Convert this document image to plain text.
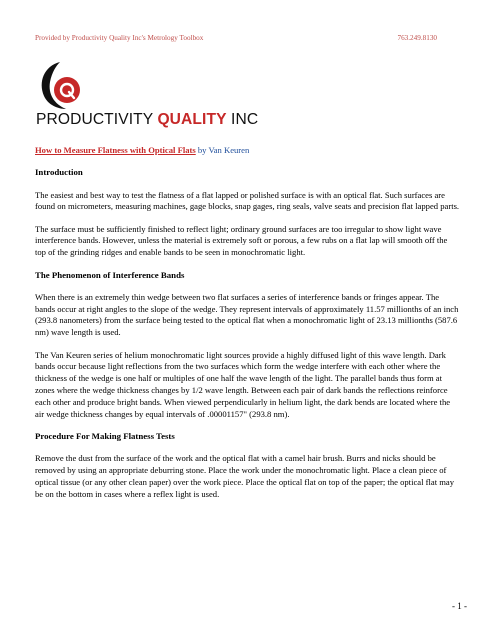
Provided by Productivity Quality Inc's Metrology Toolbox	763.249.8130
PRODUCTIVITY QUALITY INC

How to Measure Flatness with Optical Flats by Van Keuren

Introduction

The easiest and best way to test the flatness of a flat lapped or polished surface is with an optical flat. Such surfaces are found on micrometers, measuring machines, gage blocks, snap gages, ring seals, valve seats and precision flat lapped parts.

The surface must be sufficiently finished to reflect light; ordinary ground surfaces are too irregular to show light wave interference bands. However, unless the material is extremely soft or porous, a few rubs on a flat lap will smooth off the top of the grinding ridges and enable bands to be seen in monochromatic light.

The Phenomenon of Interference Bands

When there is an extremely thin wedge between two flat surfaces a series of interference bands or fringes appear. The bands occur at right angles to the slope of the wedge. They represent intervals of approximately 11.57 millionths of an inch (293.8 nanometers) from the surface being tested to the optical flat when a monochromatic light of 23.13 millionths (587.6 nm) wave length is used.

The Van Keuren series of helium monochromatic light sources provide a highly diffused light of this wave length. Dark bands occur because light reflections from the two surfaces which form the wedge interfere with each other where the thickness of the wedge is one half or multiples of one half the wave length of the light. The parallel bands thus form at zones where the wedge thickness changes by 1/2 wave length. Between each pair of dark bands the reflections reinforce each other and produce bright bands. When viewed perpendicularly in helium light, the dark bends are located where the air wedge thickness changes by equal intervals of .00001157" (293.8 nm).

Procedure For Making Flatness Tests

Remove the dust from the surface of the work and the optical flat with a camel hair brush. Burrs and nicks should be removed by using an appropriate deburring stone. Place the work under the monochromatic light. Place a clean piece of optical tissue (or any other clean paper) over the work piece. Place the optical flat on top of the paper; the optical flat may be on the bottom in cases where a reflex light is used.

- 1 -
